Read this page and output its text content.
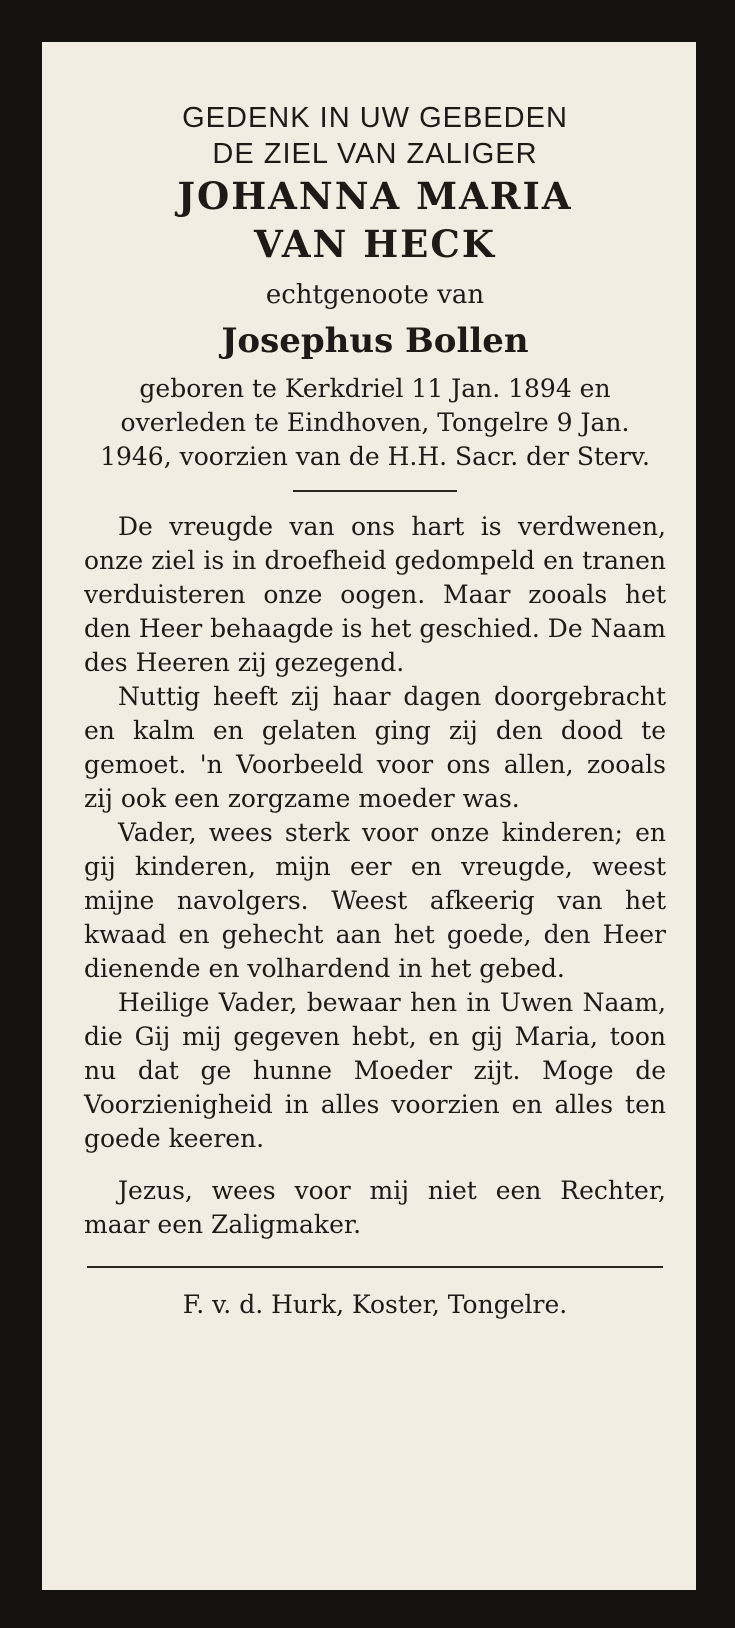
GEDENK IN UW GEBEDEN
DE ZIEL VAN ZALIGER
JOHANNA MARIA
VAN HECK
echtgenoote van
Josephus Bollen
geboren te Kerkdriel 11 Jan. 1894 en overleden te Eindhoven, Tongelre 9 Jan. 1946, voorzien van de H.H. Sacr. der Sterv.

De vreugde van ons hart is verdwenen, onze ziel is in droefheid gedompeld en tranen verduisteren onze oogen. Maar zooals het den Heer behaagde is het geschied. De Naam des Heeren zij gezegend.

Nuttig heeft zij haar dagen doorgebracht en kalm en gelaten ging zij den dood te gemoet. 'n Voorbeeld voor ons allen, zooals zij ook een zorgzame moeder was.

Vader, wees sterk voor onze kinderen; en gij kinderen, mijn eer en vreugde, weest mijne navolgers. Weest afkeerig van het kwaad en gehecht aan het goede, den Heer dienende en volhardend in het gebed.

Heilige Vader, bewaar hen in Uwen Naam, die Gij mij gegeven hebt, en gij Maria, toon nu dat ge hunne Moeder zijt. Moge de Voorzienigheid in alles voorzien en alles ten goede keeren.

Jezus, wees voor mij niet een Rechter, maar een Zaligmaker.

F. v. d. Hurk, Koster, Tongelre.
